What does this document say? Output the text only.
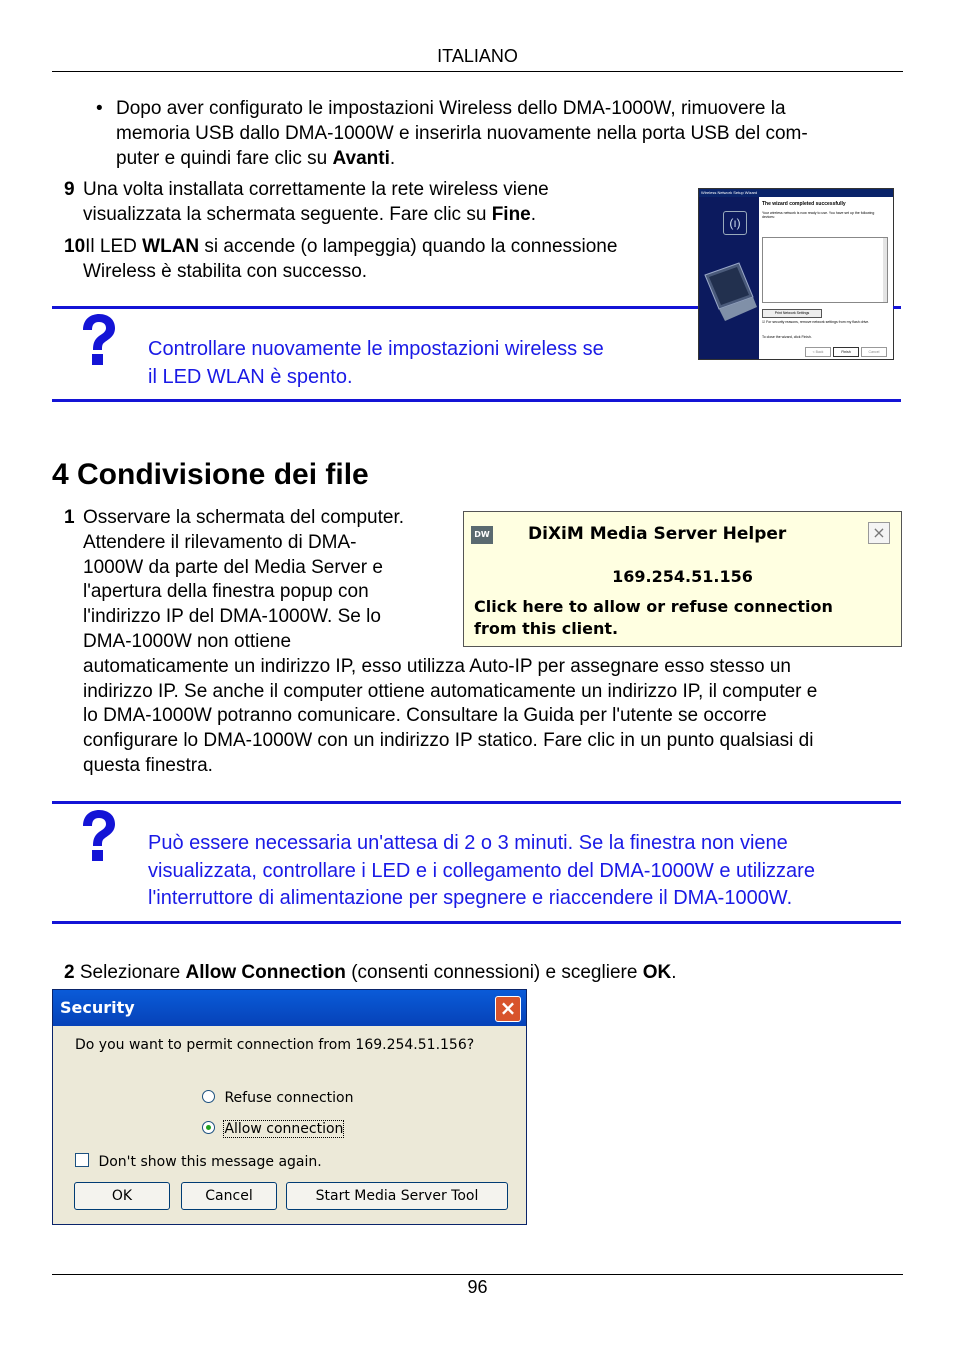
ITALIANO
• Dopo aver configurato le impostazioni Wireless dello DMA-1000W, rimuovere la
memoria USB dallo DMA-1000W e inserirla nuovamente nella porta USB del com-
puter e quindi fare clic su Avanti.
9 Una volta installata correttamente la rete wireless viene
visualizzata la schermata seguente. Fare clic su Fine.
10Il LED WLAN si accende (o lampeggia) quando la connessione
Wireless è stabilita con successo.
Wireless Network Setup Wizard
(ı)
The wizard completed successfully
Your wireless network is now ready to use. You have set up the following devices:
Print Network Settings
☑ For security reasons, remove network settings from my flash drive.
To close the wizard, click Finish.
< Back	Finish	Cancel
Controllare nuovamente le impostazioni wireless se
il LED WLAN è spento.
4 Condivisione dei file
1 Osservare la schermata del computer.
Attendere il rilevamento di DMA-
1000W da parte del Media Server e
l'apertura della finestra popup con
l'indirizzo IP del DMA-1000W. Se lo
DMA-1000W non ottiene
automaticamente un indirizzo IP, esso utilizza Auto-IP per assegnare esso stesso un
indirizzo IP. Se anche il computer ottiene automaticamente un indirizzo IP, il computer e
lo DMA-1000W potranno comunicare. Consultare la Guida per l'utente se occorre
configurare lo DMA-1000W con un indirizzo IP statico. Fare clic in un punto qualsiasi di
questa finestra.
DW DiXiM Media Server Helper	×
169.254.51.156
Click here to allow or refuse connection
from this client.
Può essere necessaria un'attesa di 2 o 3 minuti. Se la finestra non viene
visualizzata, controllare i LED e i collegamento del DMA-1000W e utilizzare
l'interruttore di alimentazione per spegnere e riaccendere il DMA-1000W.
2 Selezionare Allow Connection (consenti connessioni) e scegliere OK.
Security	×
Do you want to permit connection from 169.254.51.156?
Refuse connection
Allow connection
Don't show this message again.
OK	Cancel	Start Media Server Tool
96
